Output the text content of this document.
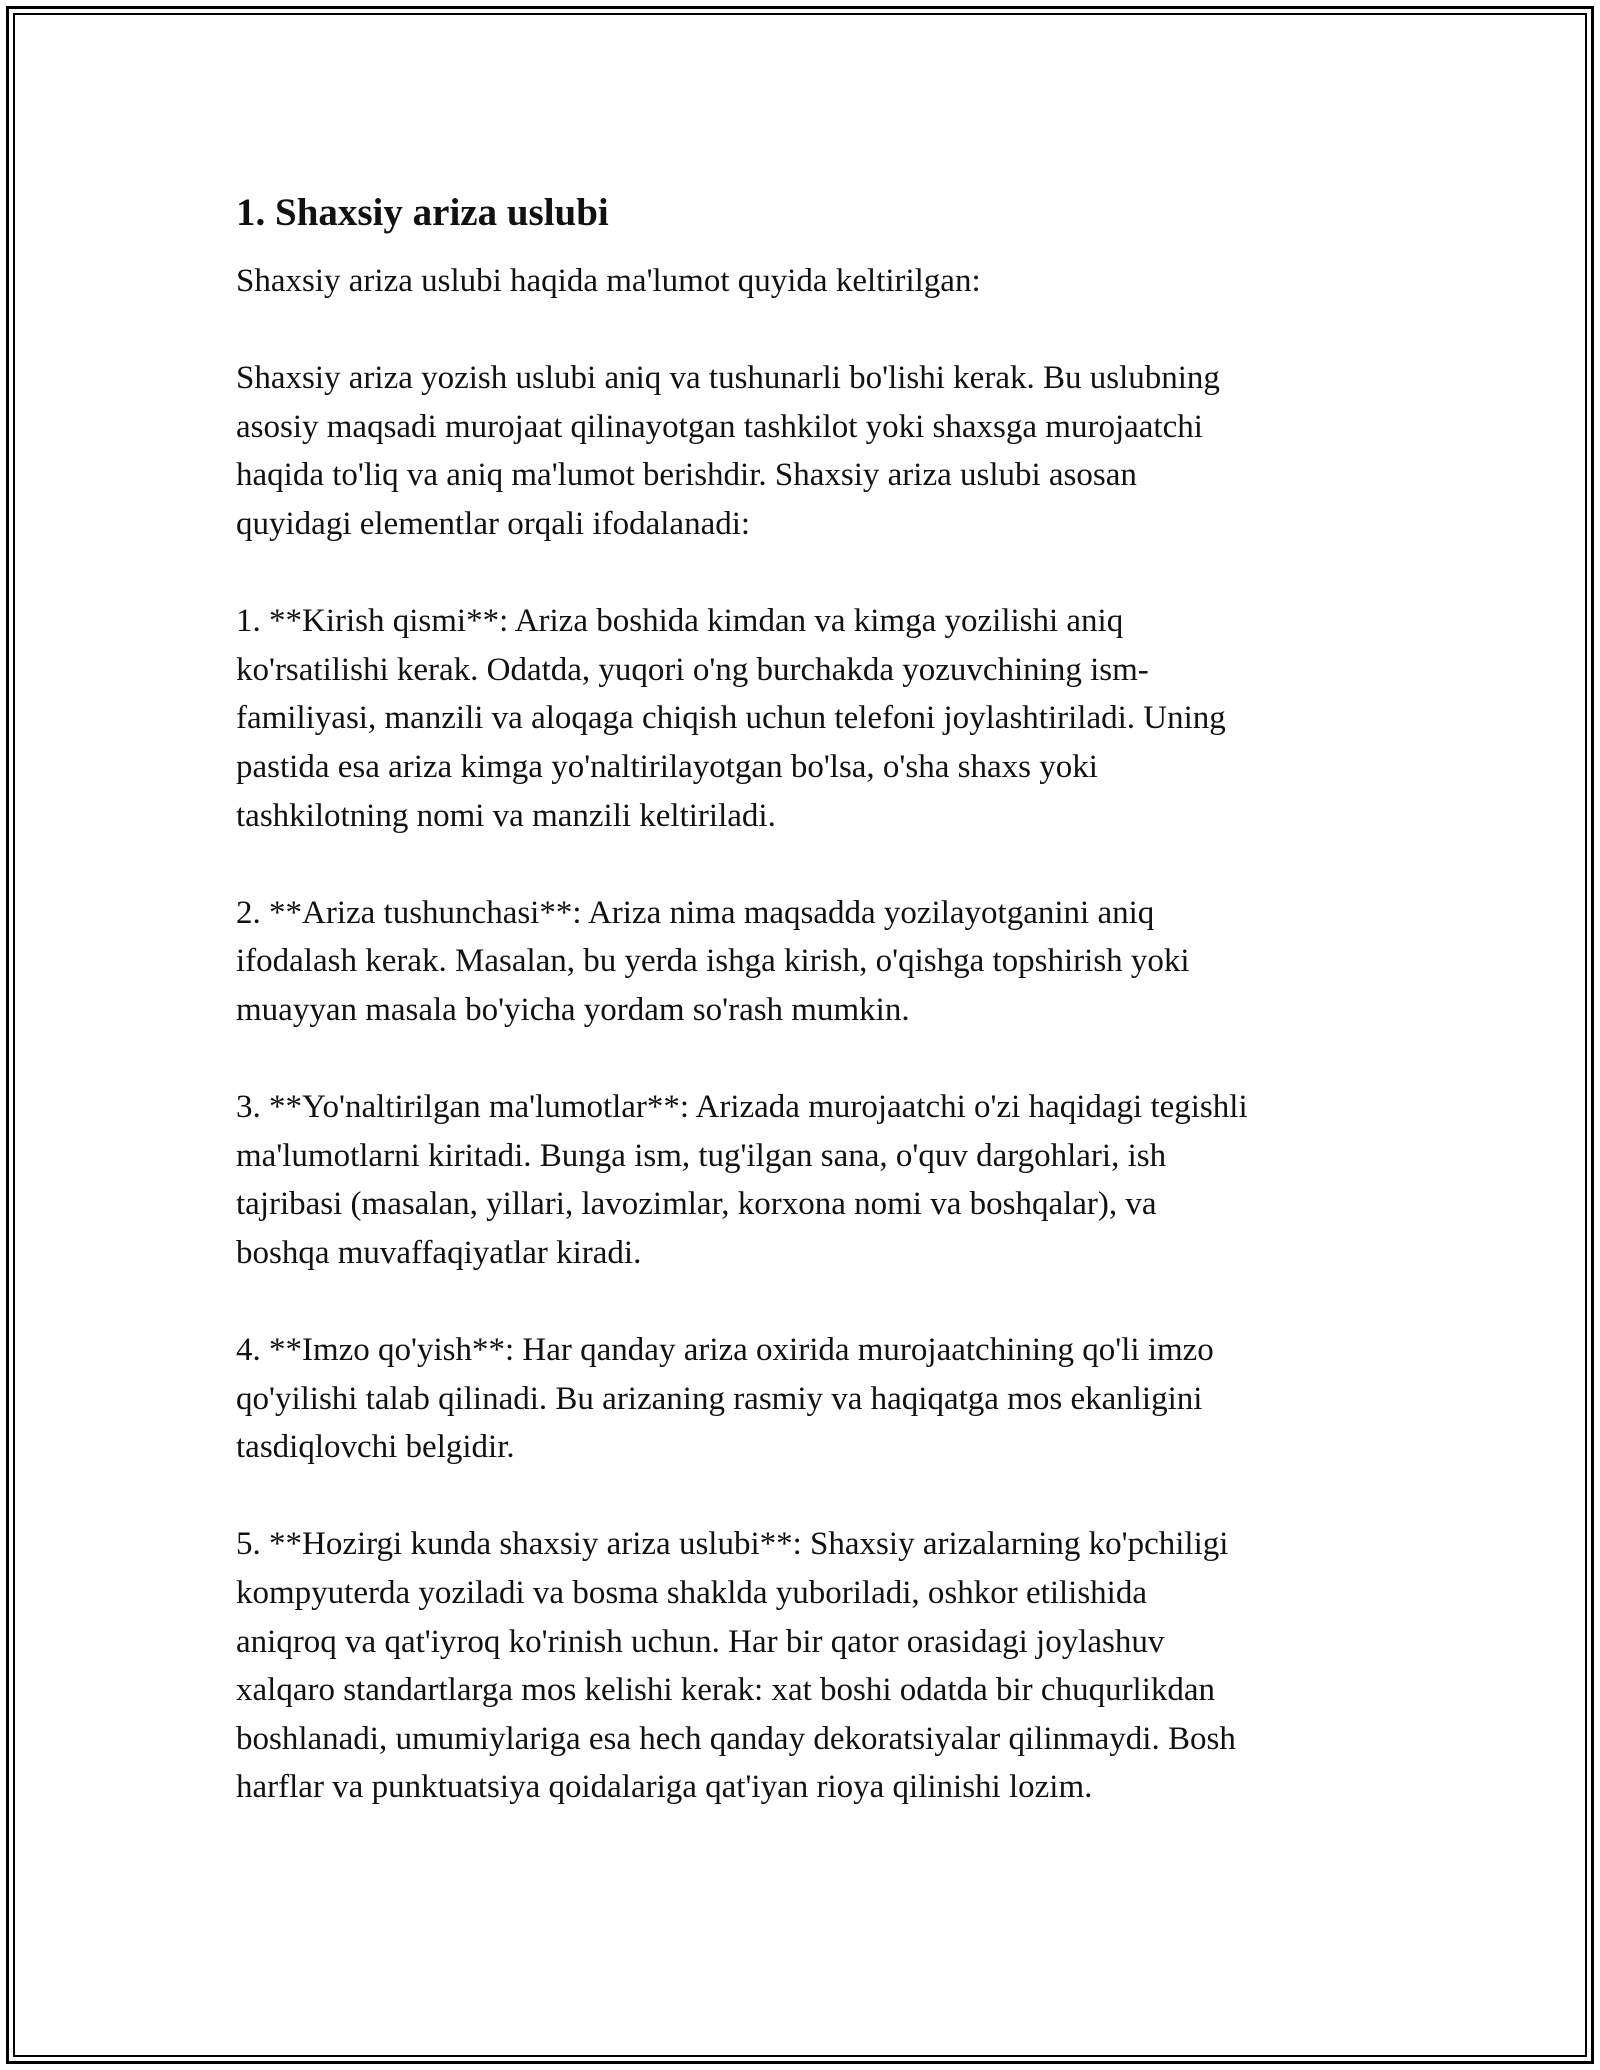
1. Shaxsiy ariza uslubi

Shaxsiy ariza uslubi haqida ma'lumot quyida keltirilgan:

Shaxsiy ariza yozish uslubi aniq va tushunarli bo'lishi kerak. Bu uslubning
asosiy maqsadi murojaat qilinayotgan tashkilot yoki shaxsga murojaatchi
haqida to'liq va aniq ma'lumot berishdir. Shaxsiy ariza uslubi asosan
quyidagi elementlar orqali ifodalanadi:

1. **Kirish qismi**: Ariza boshida kimdan va kimga yozilishi aniq
ko'rsatilishi kerak. Odatda, yuqori o'ng burchakda yozuvchining ism-
familiyasi, manzili va aloqaga chiqish uchun telefoni joylashtiriladi. Uning
pastida esa ariza kimga yo'naltirilayotgan bo'lsa, o'sha shaxs yoki
tashkilotning nomi va manzili keltiriladi.

2. **Ariza tushunchasi**: Ariza nima maqsadda yozilayotganini aniq
ifodalash kerak. Masalan, bu yerda ishga kirish, o'qishga topshirish yoki
muayyan masala bo'yicha yordam so'rash mumkin.

3. **Yo'naltirilgan ma'lumotlar**: Arizada murojaatchi o'zi haqidagi tegishli
ma'lumotlarni kiritadi. Bunga ism, tug'ilgan sana, o'quv dargohlari, ish
tajribasi (masalan, yillari, lavozimlar, korxona nomi va boshqalar), va
boshqa muvaffaqiyatlar kiradi.

4. **Imzo qo'yish**: Har qanday ariza oxirida murojaatchining qo'li imzo
qo'yilishi talab qilinadi. Bu arizaning rasmiy va haqiqatga mos ekanligini
tasdiqlovchi belgidir.

5. **Hozirgi kunda shaxsiy ariza uslubi**: Shaxsiy arizalarning ko'pchiligi
kompyuterda yoziladi va bosma shaklda yuboriladi, oshkor etilishida
aniqroq va qat'iyroq ko'rinish uchun. Har bir qator orasidagi joylashuv
xalqaro standartlarga mos kelishi kerak: xat boshi odatda bir chuqurlikdan
boshlanadi, umumiylariga esa hech qanday dekoratsiyalar qilinmaydi. Bosh
harflar va punktuatsiya qoidalariga qat'iyan rioya qilinishi lozim.
